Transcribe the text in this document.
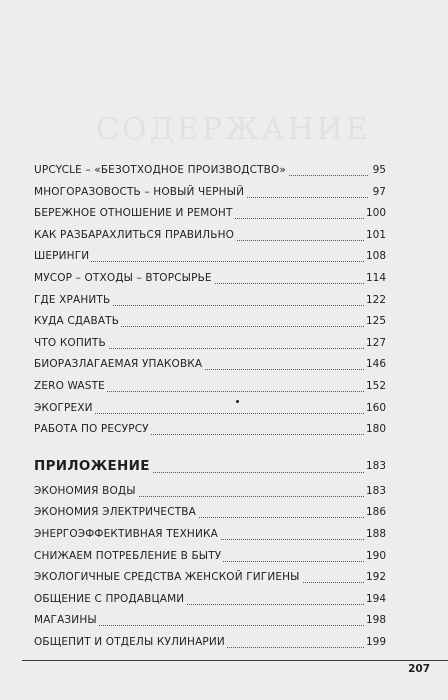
СОДЕРЖАНИЕ
UPCYCLE – «БЕЗОТХОДНОЕ ПРОИЗВОДСТВО»	95
МНОГОРАЗОВОСТЬ – НОВЫЙ ЧЕРНЫЙ	97
БЕРЕЖНОЕ ОТНОШЕНИЕ И РЕМОНТ	100
КАК РАЗБАРАХЛИТЬСЯ ПРАВИЛЬНО	101
ШЕРИНГИ	108
МУСОР – ОТХОДЫ – ВТОРСЫРЬЕ	114
ГДЕ ХРАНИТЬ	122
КУДА СДАВАТЬ	125
ЧТО КОПИТЬ	127
БИОРАЗЛАГАЕМАЯ УПАКОВКА	146
ZERO WASTE	152
ЭКОГРЕХИ	160
РАБОТА ПО РЕСУРСУ	180
ПРИЛОЖЕНИЕ	183
ЭКОНОМИЯ ВОДЫ	183
ЭКОНОМИЯ ЭЛЕКТРИЧЕСТВА	186
ЭНЕРГОЭФФЕКТИВНАЯ ТЕХНИКА	188
СНИЖАЕМ ПОТРЕБЛЕНИЕ В БЫТУ	190
ЭКОЛОГИЧНЫЕ СРЕДСТВА ЖЕНСКОЙ ГИГИЕНЫ	192
ОБЩЕНИЕ С ПРОДАВЦАМИ	194
МАГАЗИНЫ	198
ОБЩЕПИТ И ОТДЕЛЫ КУЛИНАРИИ	199
207
